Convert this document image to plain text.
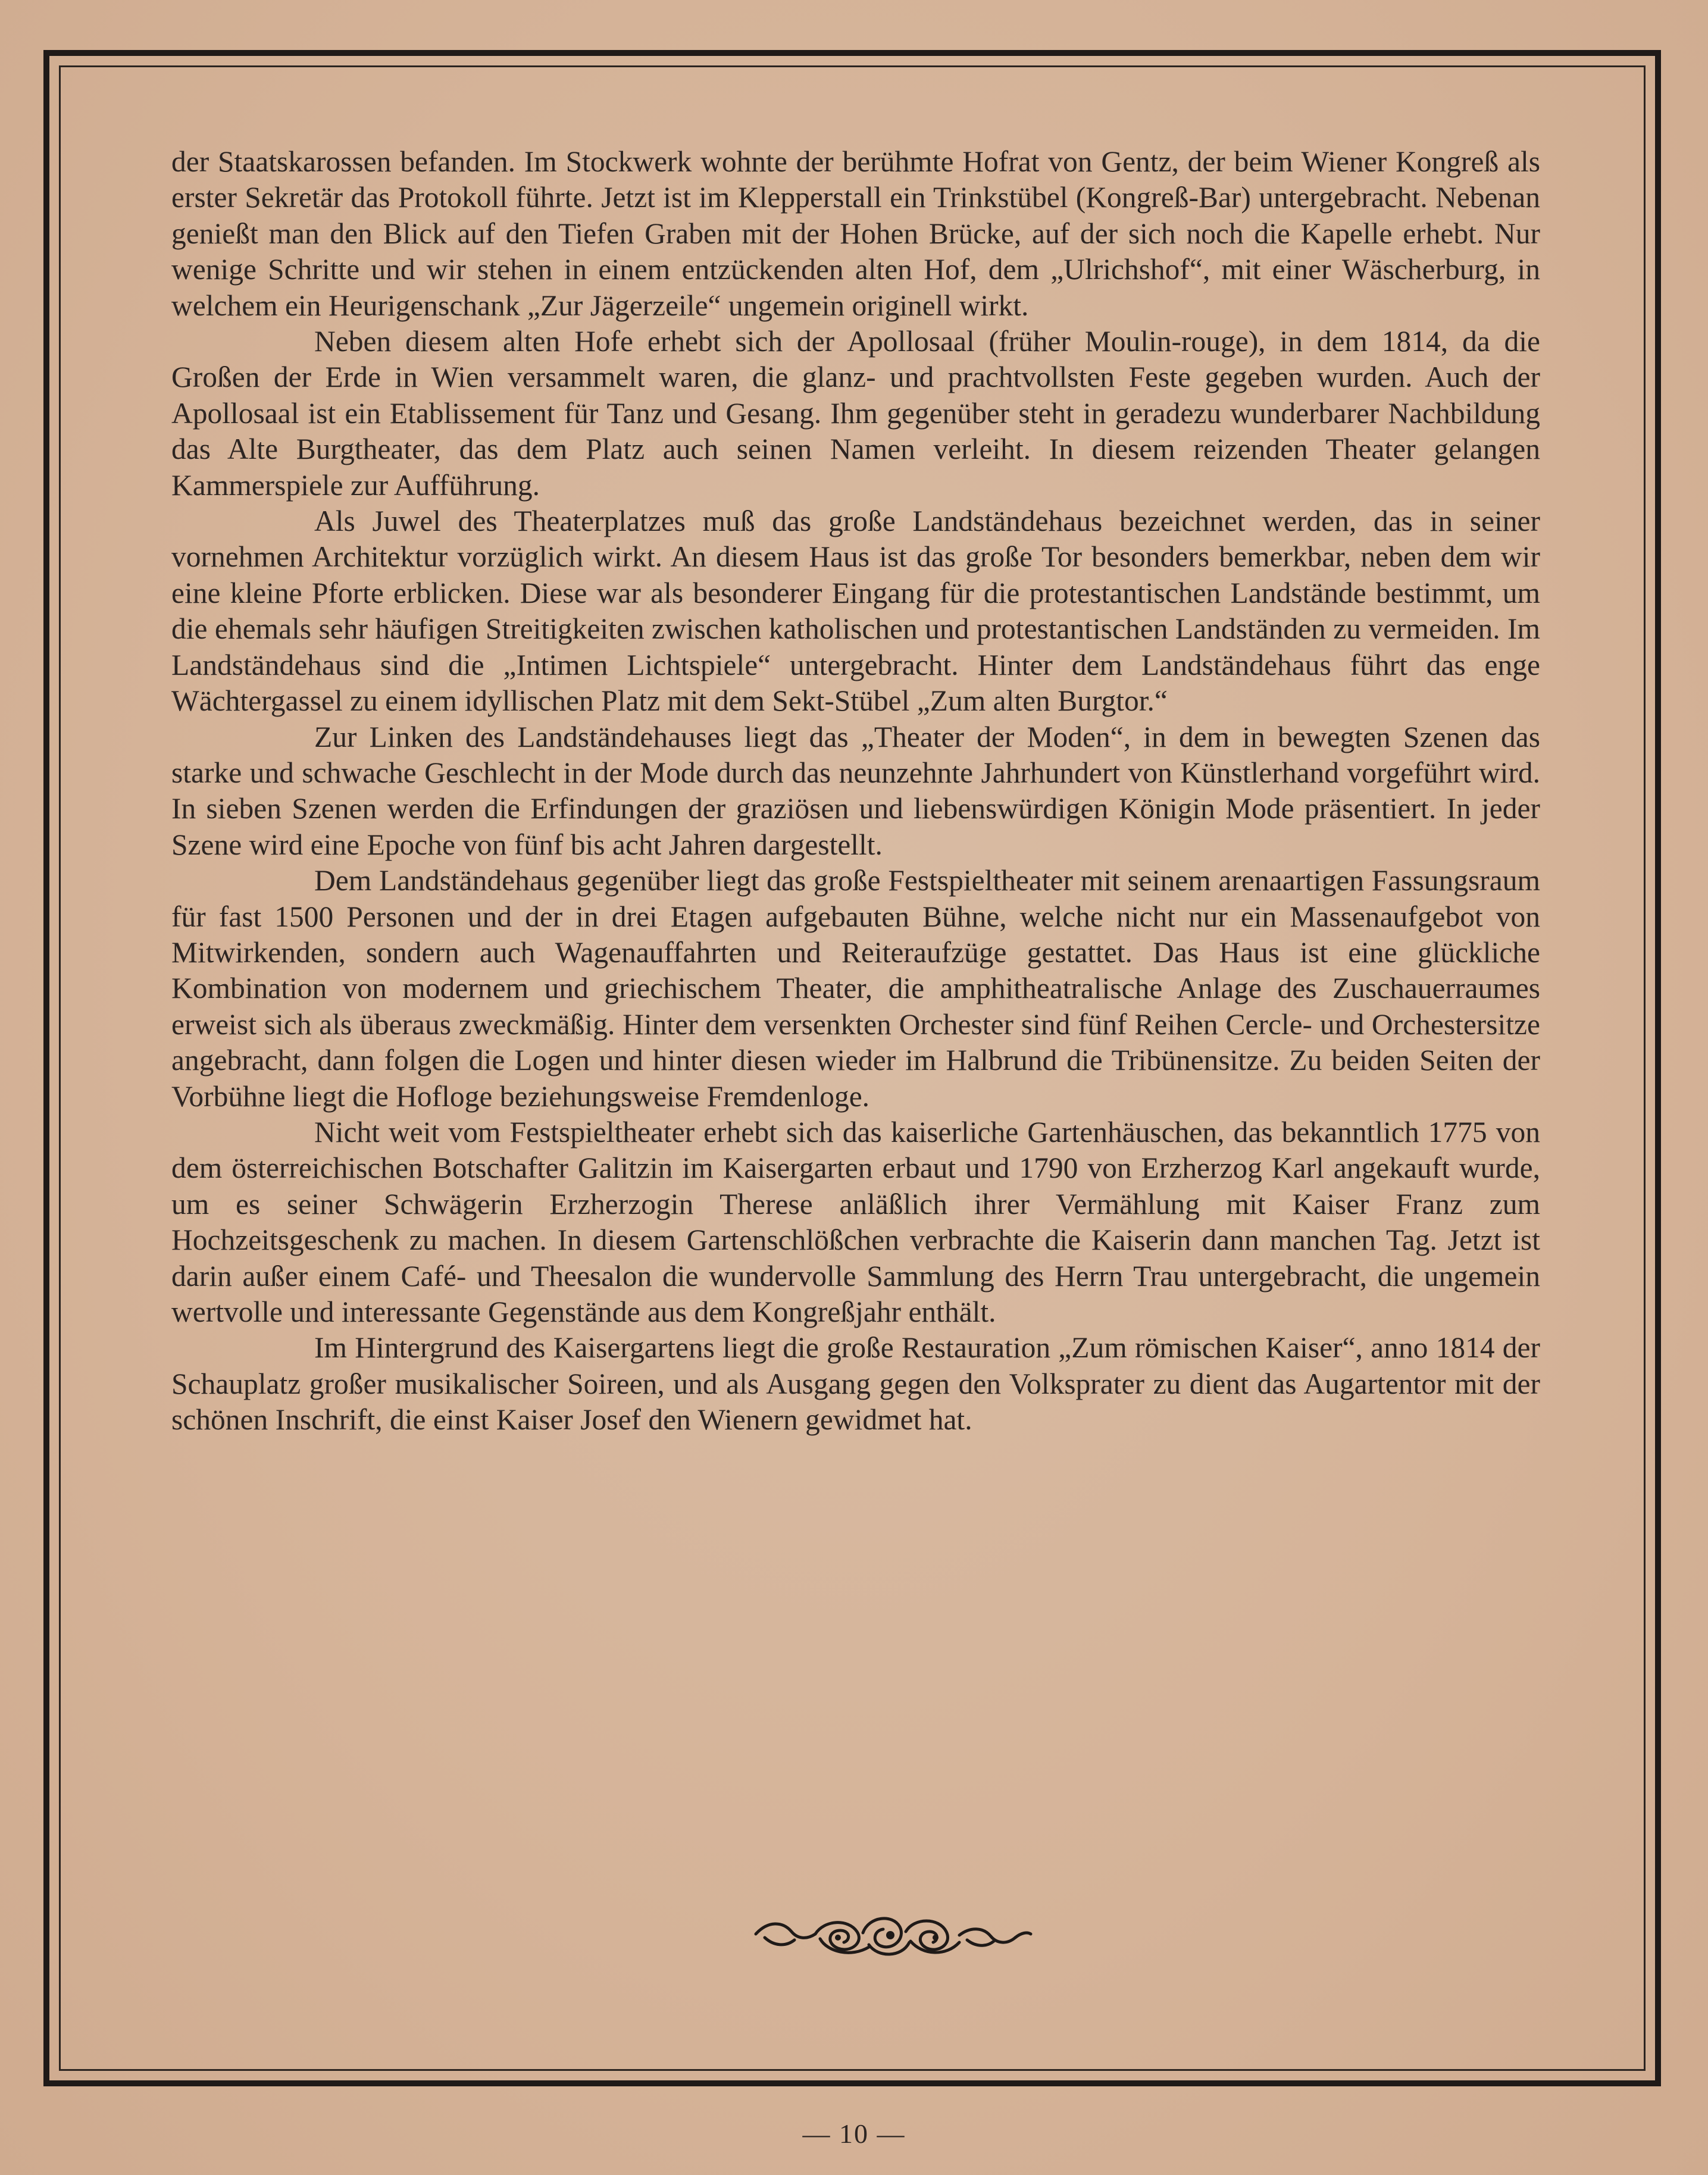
der Staatskarossen befanden. Im Stockwerk wohnte der berühmte Hofrat von Gentz, der beim Wiener Kongreß als erster Sekretär das Protokoll führte. Jetzt ist im Klepperstall ein Trinkstübel (Kongreß-Bar) untergebracht. Nebenan genießt man den Blick auf den Tiefen Graben mit der Hohen Brücke, auf der sich noch die Kapelle erhebt. Nur wenige Schritte und wir stehen in einem entzückenden alten Hof, dem „Ulrichshof“, mit einer Wäscherburg, in welchem ein Heurigenschank „Zur Jägerzeile“ ungemein originell wirkt.

Neben diesem alten Hofe erhebt sich der Apollosaal (früher Moulin-rouge), in dem 1814, da die Großen der Erde in Wien versammelt waren, die glanz- und prachtvollsten Feste gegeben wurden. Auch der Apollosaal ist ein Etablissement für Tanz und Gesang. Ihm gegenüber steht in geradezu wunderbarer Nachbildung das Alte Burgtheater, das dem Platz auch seinen Namen verleiht. In diesem reizenden Theater gelangen Kammerspiele zur Aufführung.

Als Juwel des Theaterplatzes muß das große Landständehaus bezeichnet werden, das in seiner vornehmen Architektur vorzüglich wirkt. An diesem Haus ist das große Tor besonders bemerkbar, neben dem wir eine kleine Pforte erblicken. Diese war als besonderer Eingang für die protestantischen Landstände bestimmt, um die ehemals sehr häufigen Streitigkeiten zwischen katholischen und protestantischen Landständen zu vermeiden. Im Landständehaus sind die „Intimen Lichtspiele“ untergebracht. Hinter dem Landständehaus führt das enge Wächtergassel zu einem idyllischen Platz mit dem Sekt-Stübel „Zum alten Burgtor.“

Zur Linken des Landständehauses liegt das „Theater der Moden“, in dem in bewegten Szenen das starke und schwache Geschlecht in der Mode durch das neunzehnte Jahrhundert von Künstlerhand vorgeführt wird. In sieben Szenen werden die Erfindungen der graziösen und liebenswürdigen Königin Mode präsentiert. In jeder Szene wird eine Epoche von fünf bis acht Jahren dargestellt.

Dem Landständehaus gegenüber liegt das große Festspieltheater mit seinem arenaartigen Fassungsraum für fast 1500 Personen und der in drei Etagen aufgebauten Bühne, welche nicht nur ein Massenaufgebot von Mitwirkenden, sondern auch Wagenauffahrten und Reiteraufzüge gestattet. Das Haus ist eine glückliche Kombination von modernem und griechischem Theater, die amphitheatralische Anlage des Zuschauerraumes erweist sich als überaus zweckmäßig. Hinter dem versenkten Orchester sind fünf Reihen Cercle- und Orchestersitze angebracht, dann folgen die Logen und hinter diesen wieder im Halbrund die Tribünensitze. Zu beiden Seiten der Vorbühne liegt die Hofloge beziehungsweise Fremdenloge.

Nicht weit vom Festspieltheater erhebt sich das kaiserliche Gartenhäuschen, das bekanntlich 1775 von dem österreichischen Botschafter Galitzin im Kaisergarten erbaut und 1790 von Erzherzog Karl angekauft wurde, um es seiner Schwägerin Erzherzogin Therese anläßlich ihrer Vermählung mit Kaiser Franz zum Hochzeitsgeschenk zu machen. In diesem Gartenschlößchen verbrachte die Kaiserin dann manchen Tag. Jetzt ist darin außer einem Café- und Theesalon die wundervolle Sammlung des Herrn Trau untergebracht, die ungemein wertvolle und interessante Gegenstände aus dem Kongreßjahr enthält.

Im Hintergrund des Kaisergartens liegt die große Restauration „Zum römischen Kaiser“, anno 1814 der Schauplatz großer musikalischer Soireen, und als Ausgang gegen den Volksprater zu dient das Augartentor mit der schönen Inschrift, die einst Kaiser Josef den Wienern gewidmet hat.

— 10 —
